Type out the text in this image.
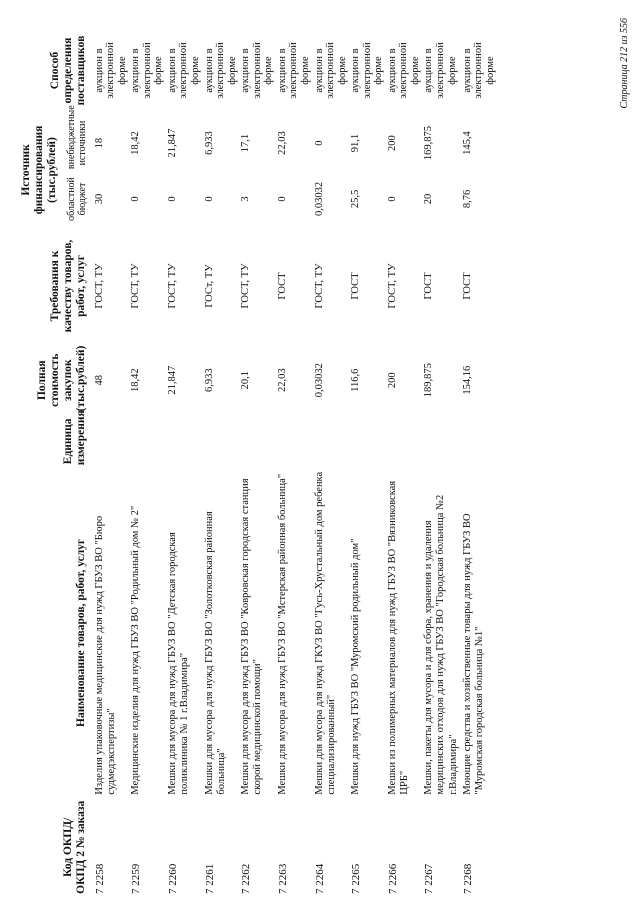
Код ОКПД/ ОКПД 2 № заказа	Наименование товаров, работ, услуг	Единица измерения	Полная стоимость закупок (тыс.рублей)	Требования к качеству товаров, работ, услуг	Источник финансирования (тыс.рублей)		Способ определения поставщиков
					областной бюджет	внебюджетные источники	
7 2258	Изделия упаковочные медицинские для нужд ГБУЗ ВО "Бюро судмедэкспертизы"		48	ГОСТ, ТУ	30	18	аукцион в электронной форме
7 2259	Медицинские изделия для нужд ГБУЗ ВО "Родильный дом № 2"		18,42	ГОСТ, ТУ	0	18,42	аукцион в электронной форме
7 2260	Мешки для мусора для нужд ГБУЗ ВО "Детская городская поликлиника № 1 г.Владимира"		21,847	ГОСТ, ТУ	0	21,847	аукцион в электронной форме
7 2261	Мешки для мусора для нужд ГБУЗ ВО "Золотковская районная больница"		6,933	ГОСт, ТУ	0	6,933	аукцион в электронной форме
7 2262	Мешки для мусора для нужд ГБУЗ ВО "Ковровская городская станция скорой медицинской помощи"		20,1	ГОСТ, ТУ	3	17,1	аукцион в электронной форме
7 2263	Мешки для мусора для нужд ГБУЗ ВО "Мстерская районная больница"		22,03	ГОСТ	0	22,03	аукцион в электронной форме
7 2264	Мешки для мусора для нужд ГКУЗ ВО "Гусь-Хрустальный дом ребенка специализированный"		0,03032	ГОСТ, ТУ	0,03032	0	аукцион в электронной форме
7 2265	Мешки для нужд ГБУЗ ВО "Муромский родильный дом"		116,6	ГОСТ	25,5	91,1	аукцион в электронной форме
7 2266	Мешки из полимерных материалов для нужд ГБУЗ ВО "Вязниковская ЦРБ"		200	ГОСТ, ТУ	0	200	аукцион в электронной форме
7 2267	Мешки, пакеты для мусора и для сбора, хранения и удаления медицинских отходов для нужд ГБУЗ ВО "Городская больница №2 г.Владимира"		189,875	ГОСТ	20	169,875	аукцион в электронной форме
7 2268	Моющие средства и хозяйственные товары для нужд ГБУЗ ВО "Муромская городская больница №1"		154,16	ГОСТ	8,76	145,4	аукцион в электронной форме	Страница 212 из 556
